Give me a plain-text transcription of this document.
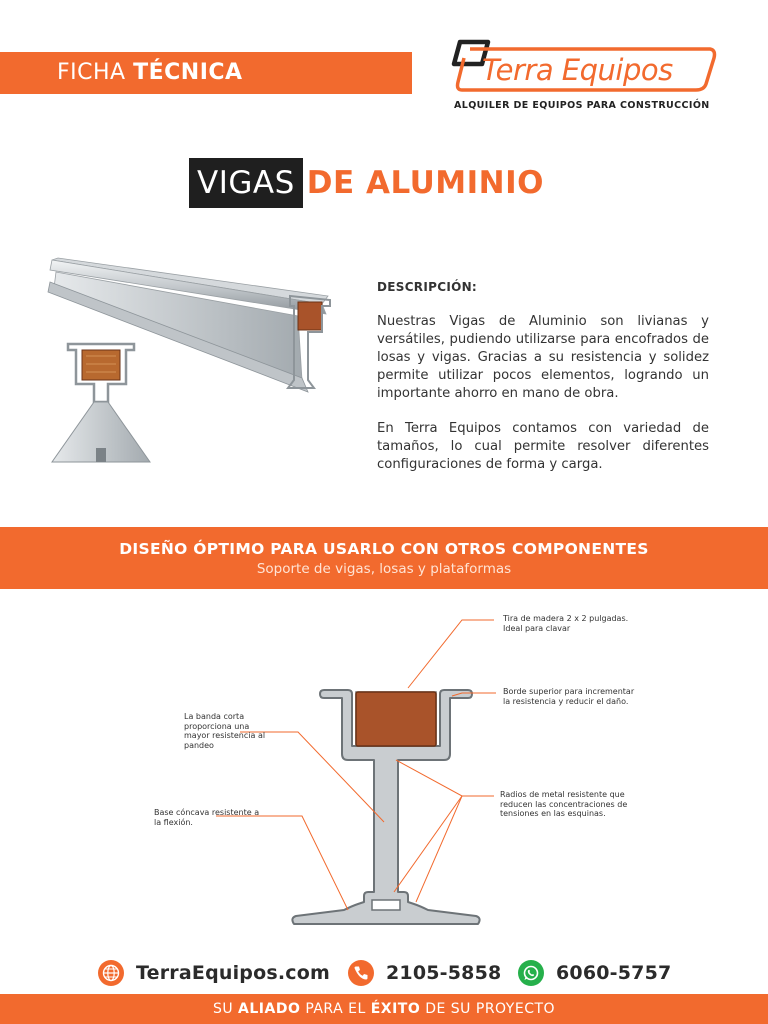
FICHA TÉCNICA	Terra Equipos
ALQUILER DE EQUIPOS PARA CONSTRUCCIÓN
VIGAS DE ALUMINIO
DESCRIPCIÓN:

Nuestras Vigas de Aluminio son livianas y versátiles, pudiendo utilizarse para encofrados de losas y vigas. Gracias a su resistencia y solidez permite utilizar pocos elementos, logrando un importante ahorro en mano de obra.

En Terra Equipos contamos con variedad de tamaños, lo cual permite resolver diferentes configuraciones de forma y carga.

DISEÑO ÓPTIMO PARA USARLO CON OTROS COMPONENTES
Soporte de vigas, losas y plataformas
Tira de madera 2 x 2 pulgadas. Ideal para clavar
Borde superior para incrementar la resistencia y reducir el daño.
La banda corta proporciona una mayor resistencia al pandeo
Radios de metal resistente que reducen las concentraciones de tensiones en las esquinas.
Base cóncava resistente a la flexión.
TerraEquipos.com	2105-5858	6060-5757
SU ALIADO PARA EL ÉXITO DE SU PROYECTO
